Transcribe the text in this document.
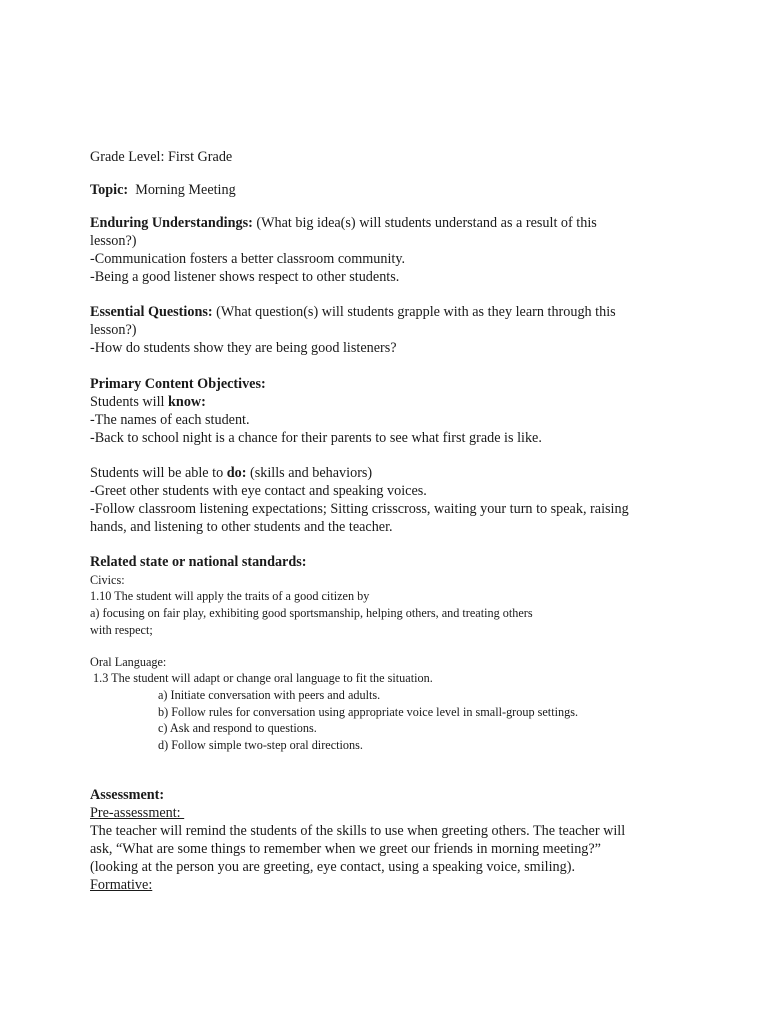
Grade Level: First Grade
Topic: Morning Meeting
Enduring Understandings: (What big idea(s) will students understand as a result of this
lesson?)
-Communication fosters a better classroom community.
-Being a good listener shows respect to other students.
Essential Questions: (What question(s) will students grapple with as they learn through this
lesson?)
-How do students show they are being good listeners?
Primary Content Objectives:
Students will know:
-The names of each student.
-Back to school night is a chance for their parents to see what first grade is like.
Students will be able to do: (skills and behaviors)
-Greet other students with eye contact and speaking voices.
-Follow classroom listening expectations; Sitting crisscross, waiting your turn to speak, raising
hands, and listening to other students and the teacher.
Related state or national standards:
Civics:
1.10 The student will apply the traits of a good citizen by
a) focusing on fair play, exhibiting good sportsmanship, helping others, and treating others
with respect;
Oral Language:
1.3 The student will adapt or change oral language to fit the situation.
a) Initiate conversation with peers and adults.
b) Follow rules for conversation using appropriate voice level in small-group settings.
c) Ask and respond to questions.
d) Follow simple two-step oral directions.
Assessment:
Pre-assessment:
The teacher will remind the students of the skills to use when greeting others. The teacher will
ask, “What are some things to remember when we greet our friends in morning meeting?”
(looking at the person you are greeting, eye contact, using a speaking voice, smiling).
Formative:
